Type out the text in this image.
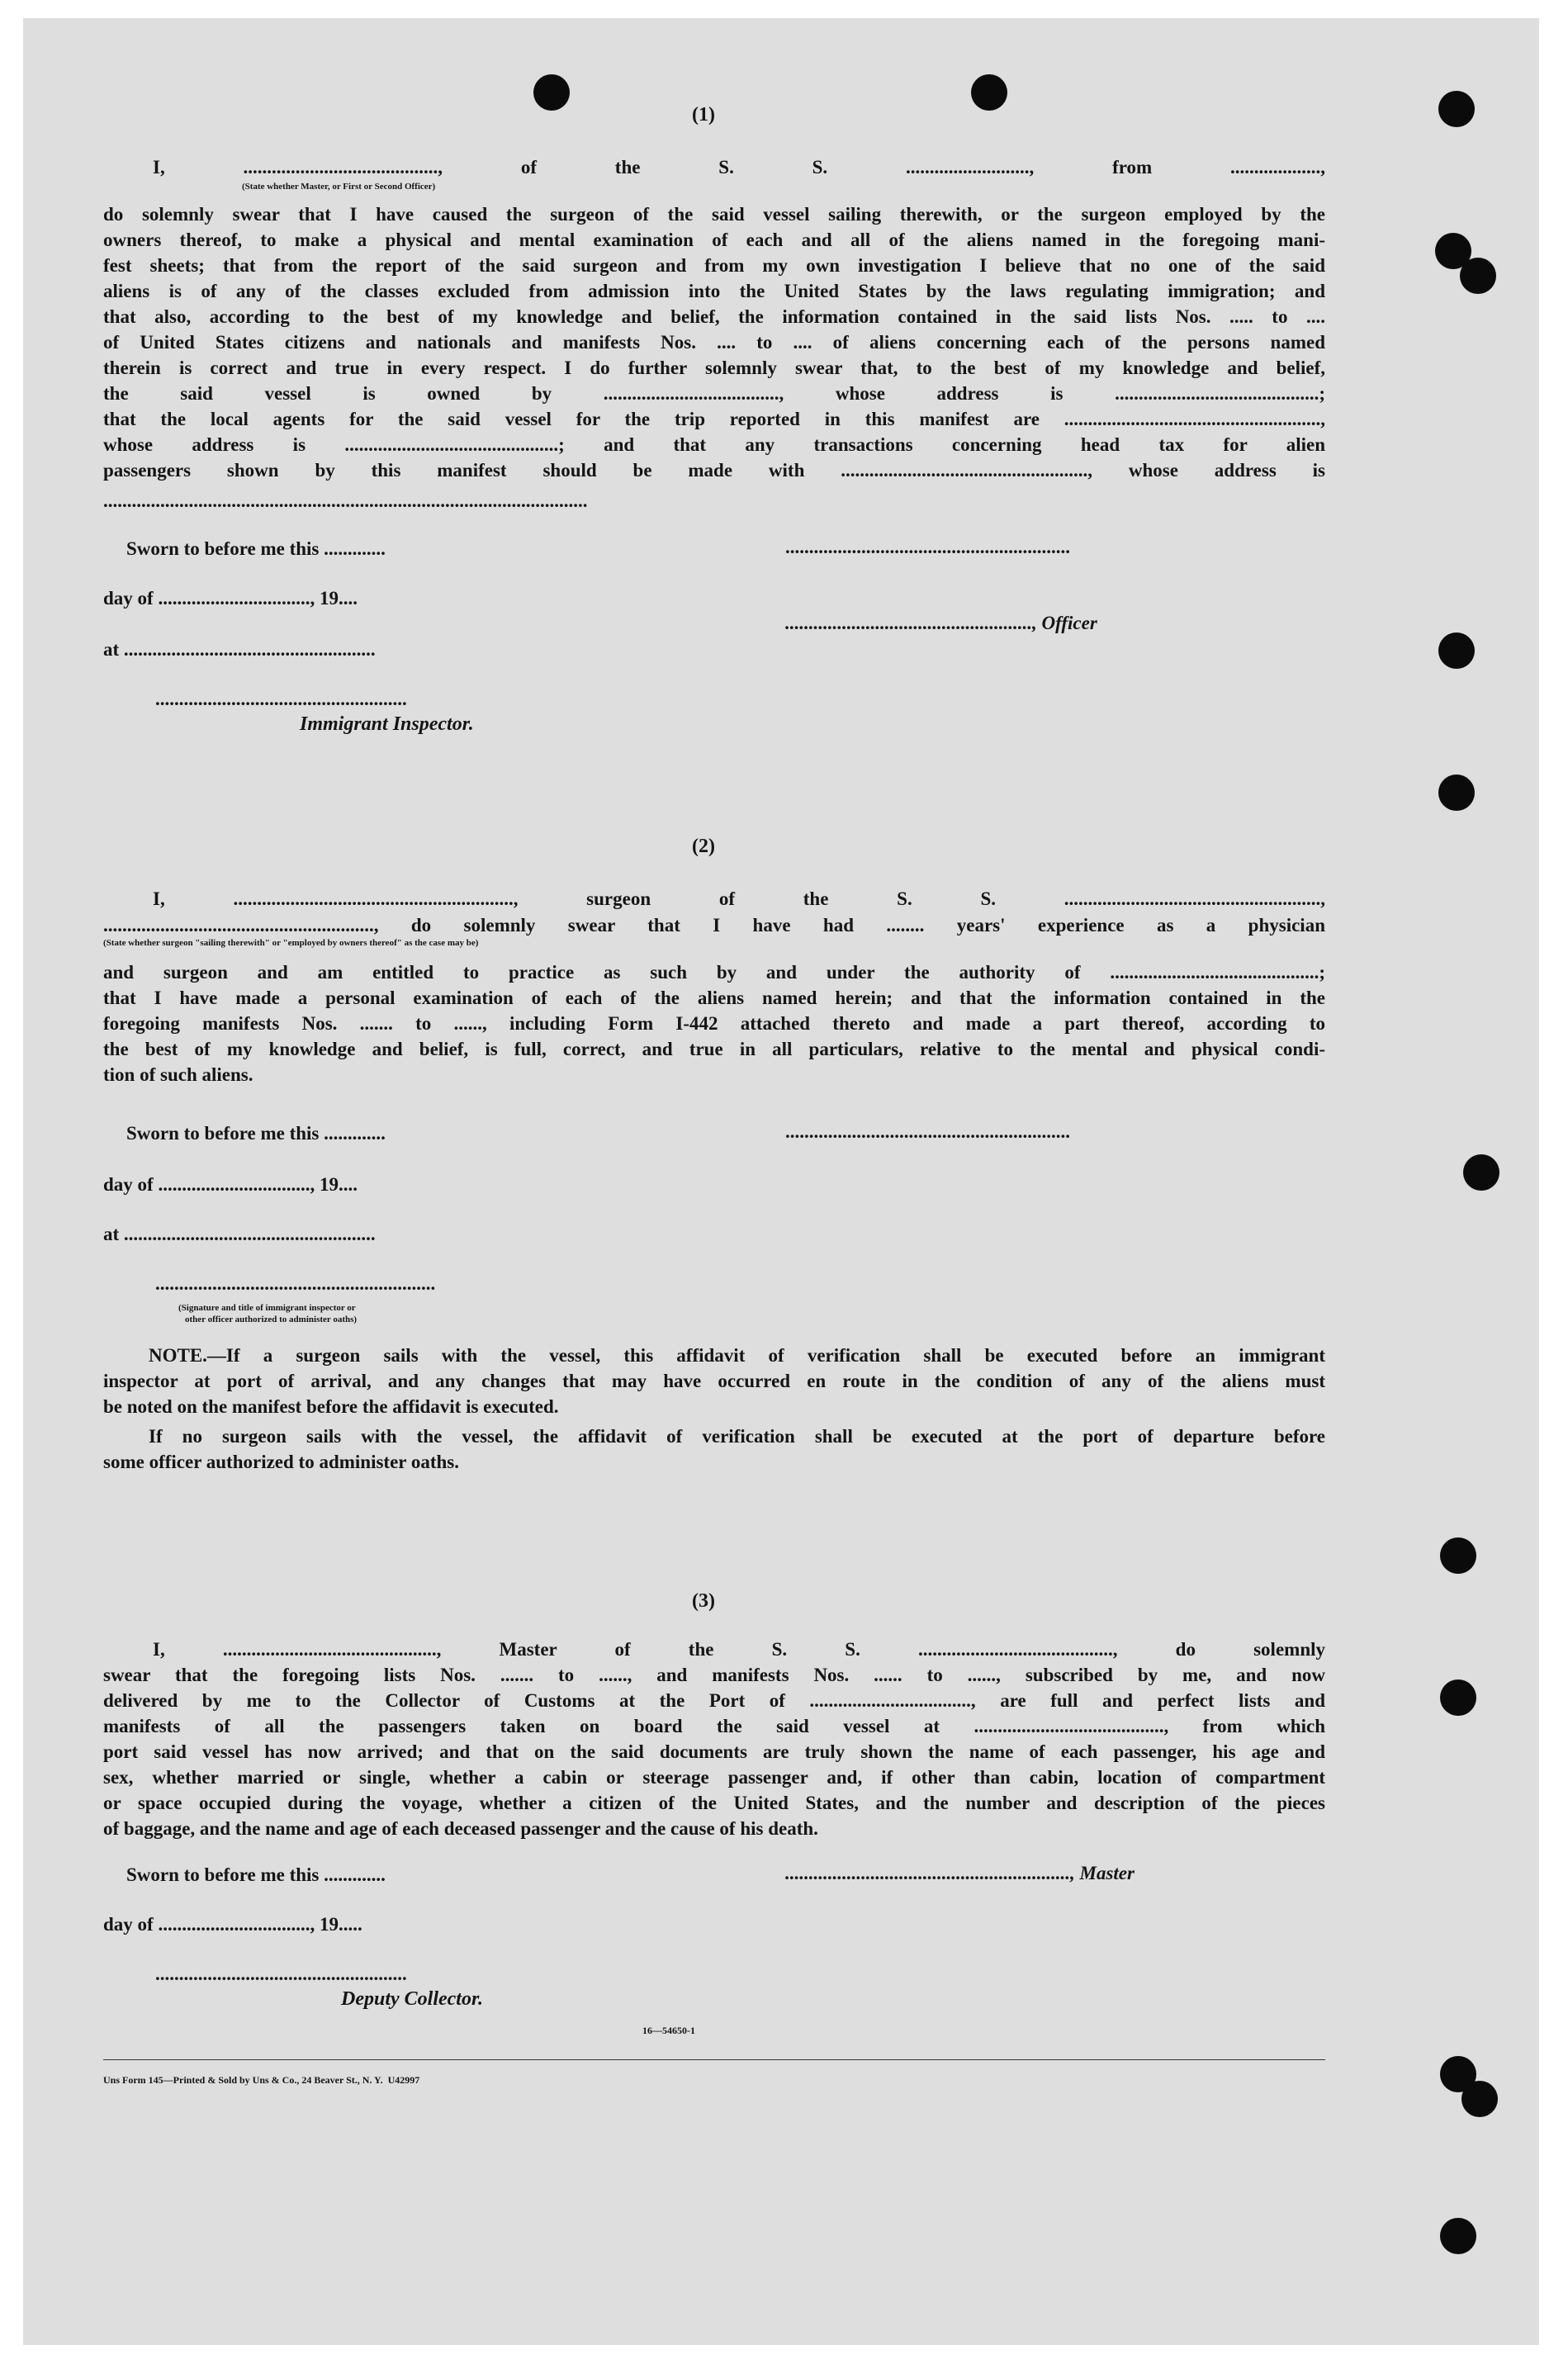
(1)
I, ........................................., of the S. S. .........................., from ...................,
(State whether Master, or First or Second Officer)
do solemnly swear that I have caused the surgeon of the said vessel sailing therewith, or the surgeon employed by the
owners thereof, to make a physical and mental examination of each and all of the aliens named in the foregoing mani-
fest sheets; that from the report of the said surgeon and from my own investigation I believe that no one of the said
aliens is of any of the classes excluded from admission into the United States by the laws regulating immigration; and
that also, according to the best of my knowledge and belief, the information contained in the said lists Nos. ..... to ....
of United States citizens and nationals and manifests Nos. .... to .... of aliens concerning each of the persons named
therein is correct and true in every respect. I do further solemnly swear that, to the best of my knowledge and belief,
the said vessel is owned by ....................................., whose address is ...........................................;
that the local agents for the said vessel for the trip reported in this manifest are ......................................................,
whose address is .............................................; and that any transactions concerning head tax for alien
passengers shown by this manifest should be made with ...................................................., whose address is
......................................................................................................
Sworn to before me this .............	............................................................
day of ................................, 19....
...................................................., Officer
at .....................................................
.....................................................
Immigrant Inspector.
(2)
I, ..........................................................., surgeon of the S. S. ......................................................,
........................................................., do solemnly swear that I have had ........ years' experience as a physician
(State whether surgeon "sailing therewith" or "employed by owners thereof" as the case may be)
and surgeon and am entitled to practice as such by and under the authority of ............................................;
that I have made a personal examination of each of the aliens named herein; and that the information contained in the
foregoing manifests Nos. ....... to ......, including Form I-442 attached thereto and made a part thereof, according to
the best of my knowledge and belief, is full, correct, and true in all particulars, relative to the mental and physical condi-
tion of such aliens.
Sworn to before me this .............	............................................................
day of ................................, 19....
at .....................................................
...........................................................
(Signature and title of immigrant inspector or
other officer authorized to administer oaths)
NOTE.—If a surgeon sails with the vessel, this affidavit of verification shall be executed before an immigrant
inspector at port of arrival, and any changes that may have occurred en route in the condition of any of the aliens must
be noted on the manifest before the affidavit is executed.
If no surgeon sails with the vessel, the affidavit of verification shall be executed at the port of departure before
some officer authorized to administer oaths.
(3)
I, ............................................., Master of the S. S. ........................................., do solemnly
swear that the foregoing lists Nos. ....... to ......, and manifests Nos. ...... to ......, subscribed by me, and now
delivered by me to the Collector of Customs at the Port of .................................., are full and perfect lists and
manifests of all the passengers taken on board the said vessel at ........................................, from which
port said vessel has now arrived; and that on the said documents are truly shown the name of each passenger, his age and
sex, whether married or single, whether a cabin or steerage passenger and, if other than cabin, location of compartment
or space occupied during the voyage, whether a citizen of the United States, and the number and description of the pieces
of baggage, and the name and age of each deceased passenger and the cause of his death.
Sworn to before me this .............	............................................................, Master
day of ................................, 19.....
.....................................................
Deputy Collector.
16—54650-1
Uns Form 145—Printed & Sold by Uns & Co., 24 Beaver St., N. Y.  U42997
